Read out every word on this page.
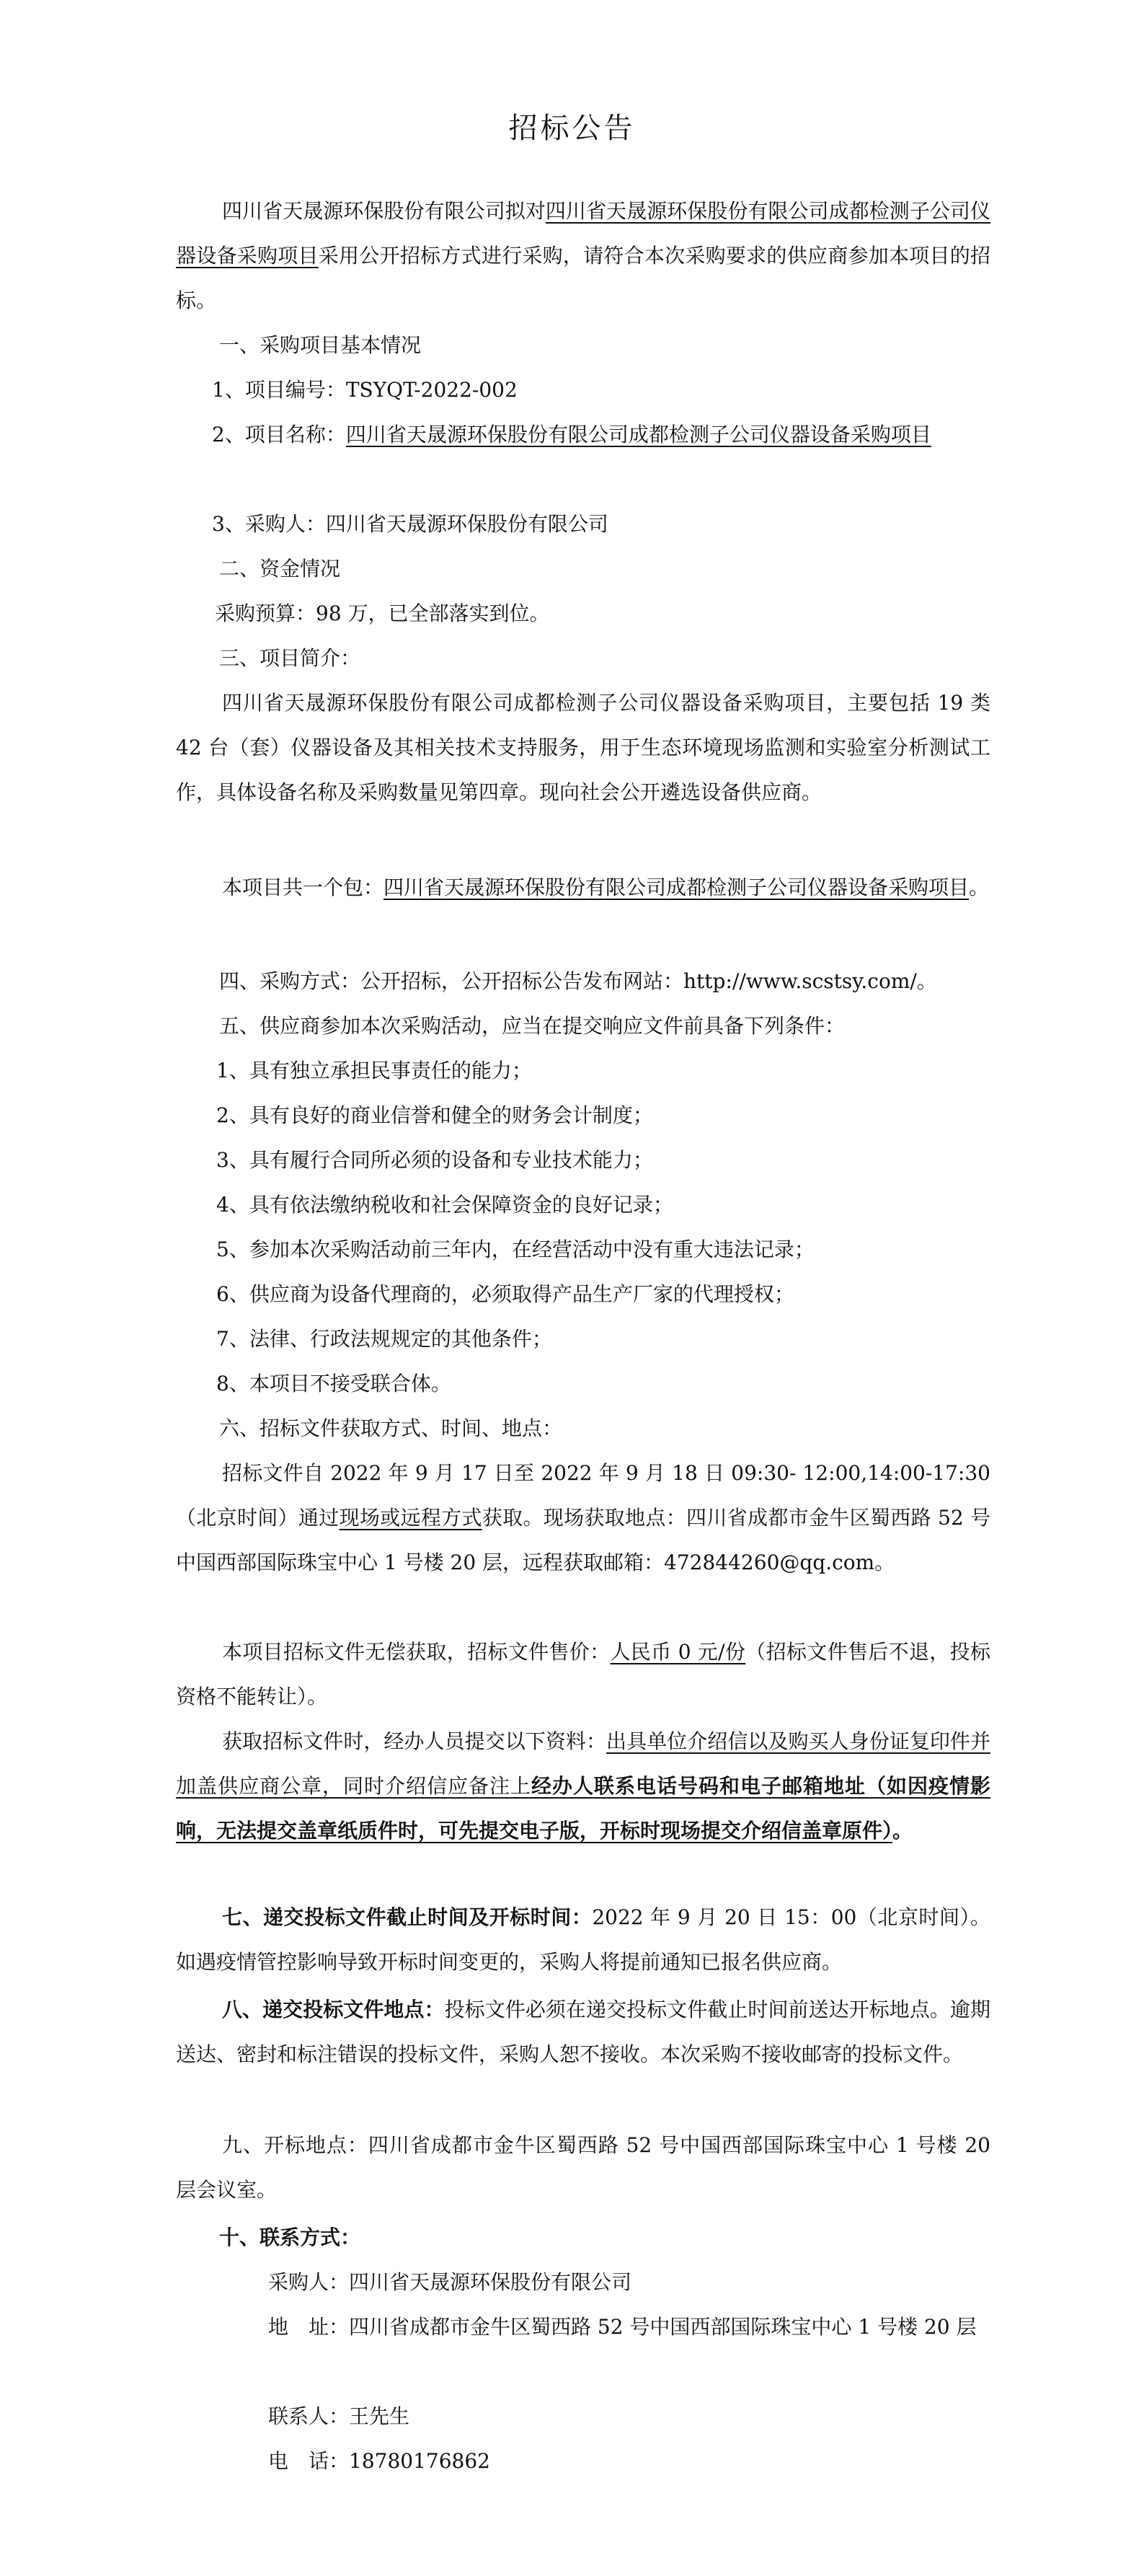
招标公告
四川省天晟源环保股份有限公司拟对四川省天晟源环保股份有限公司成都检测子公司仪器设备采购项目采用公开招标方式进行采购，请符合本次采购要求的供应商参加本项目的招标。
一、采购项目基本情况
1、项目编号：TSYQT-2022-002
2、项目名称：四川省天晟源环保股份有限公司成都检测子公司仪器设备采购项目
3、采购人：四川省天晟源环保股份有限公司
二、资金情况
采购预算：98 万，已全部落实到位。
三、项目简介：
四川省天晟源环保股份有限公司成都检测子公司仪器设备采购项目，主要包括 19 类 42 台（套）仪器设备及其相关技术支持服务，用于生态环境现场监测和实验室分析测试工作，具体设备名称及采购数量见第四章。现向社会公开遴选设备供应商。
本项目共一个包：四川省天晟源环保股份有限公司成都检测子公司仪器设备采购项目。
四、采购方式：公开招标，公开招标公告发布网站：http://www.scstsy.com/。
五、供应商参加本次采购活动，应当在提交响应文件前具备下列条件：
1、具有独立承担民事责任的能力；
2、具有良好的商业信誉和健全的财务会计制度；
3、具有履行合同所必须的设备和专业技术能力；
4、具有依法缴纳税收和社会保障资金的良好记录；
5、参加本次采购活动前三年内，在经营活动中没有重大违法记录；
6、供应商为设备代理商的，必须取得产品生产厂家的代理授权；
7、法律、行政法规规定的其他条件；
8、本项目不接受联合体。
六、招标文件获取方式、时间、地点：
招标文件自 2022 年 9 月 17 日至 2022 年 9 月 18 日 09:30- 12:00,14:00-17:30（北京时间）通过现场或远程方式获取。现场获取地点：四川省成都市金牛区蜀西路 52 号中国西部国际珠宝中心 1 号楼 20 层，远程获取邮箱：472844260@qq.com。
本项目招标文件无偿获取，招标文件售价：人民币 0 元/份（招标文件售后不退，投标资格不能转让）。
获取招标文件时，经办人员提交以下资料：出具单位介绍信以及购买人身份证复印件并加盖供应商公章，同时介绍信应备注上经办人联系电话号码和电子邮箱地址（如因疫情影响，无法提交盖章纸质件时，可先提交电子版，开标时现场提交介绍信盖章原件）。
七、递交投标文件截止时间及开标时间：2022 年 9 月 20 日 15：00（北京时间）。如遇疫情管控影响导致开标时间变更的，采购人将提前通知已报名供应商。
八、递交投标文件地点：投标文件必须在递交投标文件截止时间前送达开标地点。逾期送达、密封和标注错误的投标文件，采购人恕不接收。本次采购不接收邮寄的投标文件。
九、开标地点：四川省成都市金牛区蜀西路 52 号中国西部国际珠宝中心 1 号楼 20 层会议室。
十、联系方式：
采购人：四川省天晟源环保股份有限公司
地　址：四川省成都市金牛区蜀西路 52 号中国西部国际珠宝中心 1 号楼 20 层
联系人：王先生
电　话：18780176862
